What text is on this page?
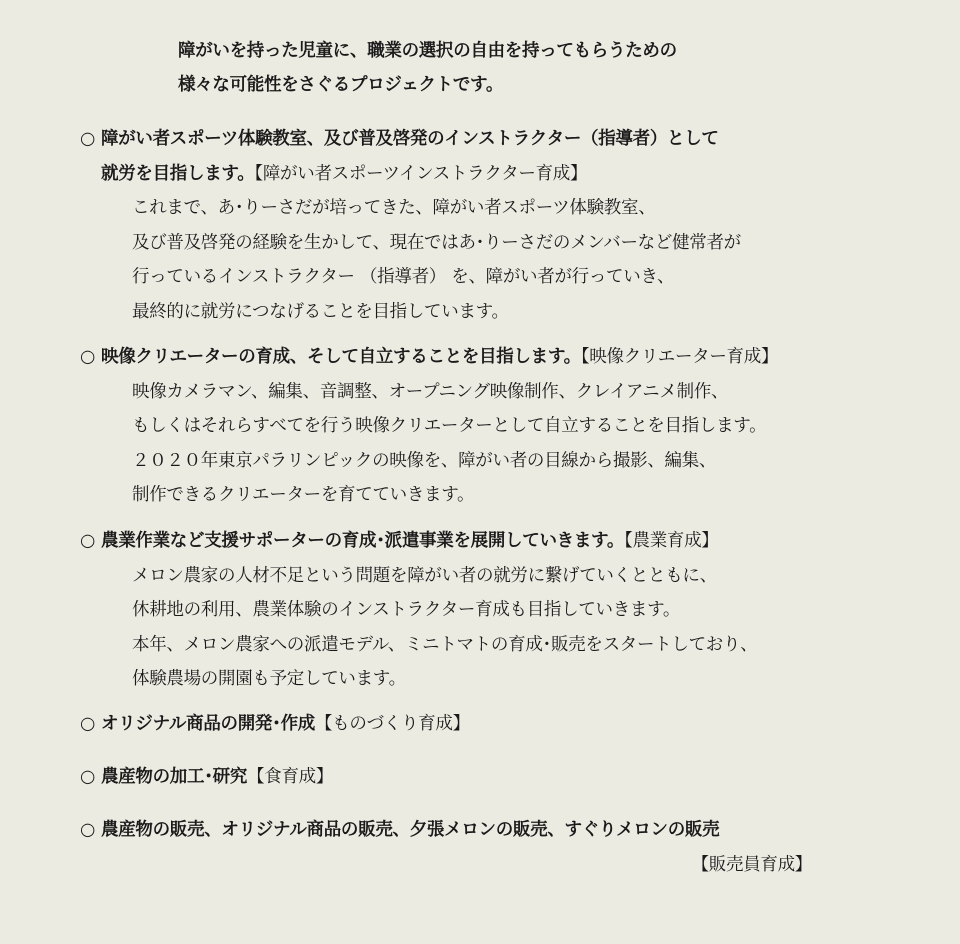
障がいを持った児童に、職業の選択の自由を持ってもらうための
様々な可能性をさぐるプロジェクトです。
○ 障がい者スポーツ体験教室、及び普及啓発のインストラクター（指導者）として
就労を目指します。【障がい者スポーツインストラクター育成】
これまで、あ･りーさだが培ってきた、障がい者スポーツ体験教室、
及び普及啓発の経験を生かして、現在ではあ･りーさだのメンバーなど健常者が
行っているインストラクター （指導者） を、障がい者が行っていき、
最終的に就労につなげることを目指しています。
○ 映像クリエーターの育成、そして自立することを目指します。【映像クリエーター育成】
映像カメラマン、編集、音調整、オープニング映像制作、クレイアニメ制作、
もしくはそれらすべてを行う映像クリエーターとして自立することを目指します。
２０２０年東京パラリンピックの映像を、障がい者の目線から撮影、編集、
制作できるクリエーターを育てていきます。
○ 農業作業など支援サポーターの育成･派遣事業を展開していきます。【農業育成】
メロン農家の人材不足という問題を障がい者の就労に繋げていくとともに、
休耕地の利用、農業体験のインストラクター育成も目指していきます。
本年、メロン農家への派遣モデル、ミニトマトの育成･販売をスタートしており、
体験農場の開園も予定しています。
○ オリジナル商品の開発･作成【ものづくり育成】
○ 農産物の加工･研究【食育成】
○ 農産物の販売、オリジナル商品の販売、夕張メロンの販売、すぐりメロンの販売
【販売員育成】
